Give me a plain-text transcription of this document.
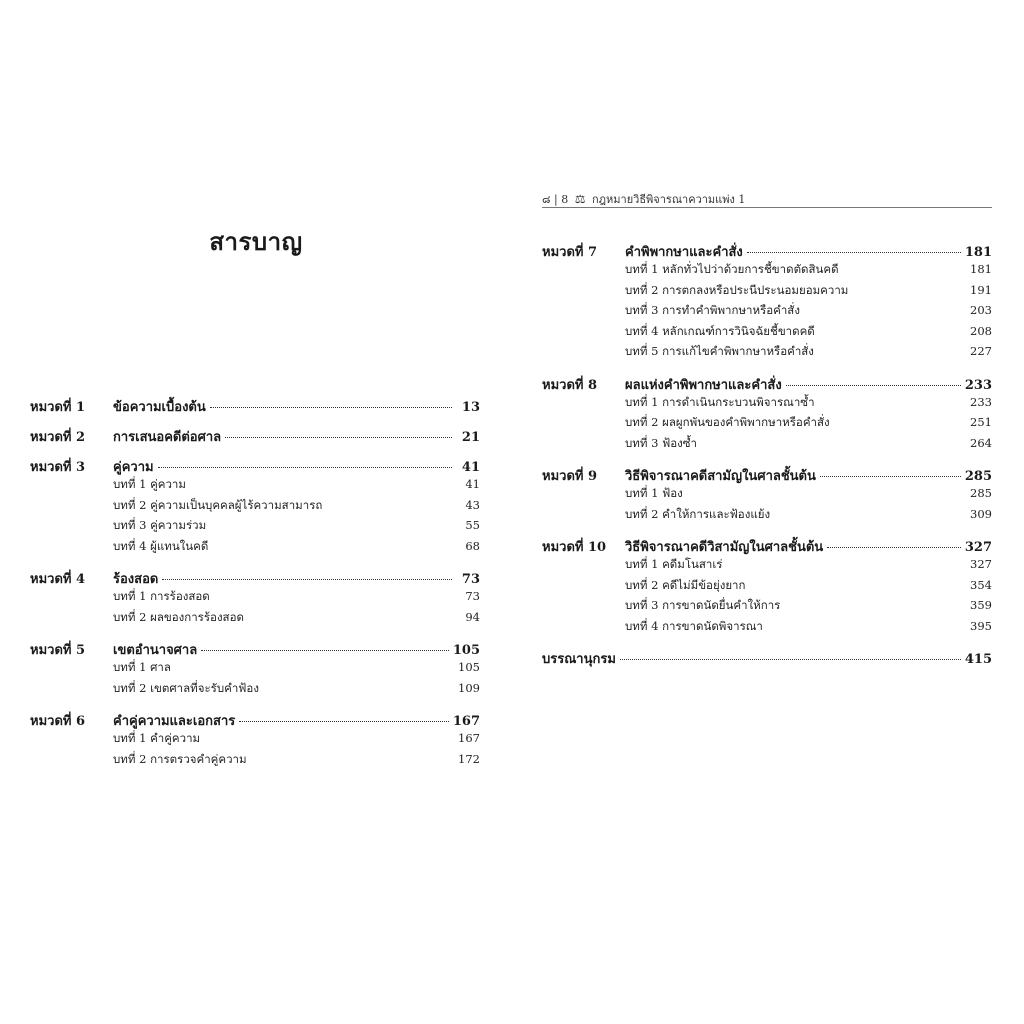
สารบาญ
หมวดที่ 1	ข้อความเบื้องต้น	13
หมวดที่ 2	การเสนอคดีต่อศาล	21
หมวดที่ 3	คู่ความ	41
บทที่ 1 คู่ความ	41
บทที่ 2 คู่ความเป็นบุคคลผู้ไร้ความสามารถ	43
บทที่ 3 คู่ความร่วม	55
บทที่ 4 ผู้แทนในคดี	68
หมวดที่ 4	ร้องสอด	73
บทที่ 1 การร้องสอด	73
บทที่ 2 ผลของการร้องสอด	94
หมวดที่ 5	เขตอำนาจศาล	105
บทที่ 1 ศาล	105
บทที่ 2 เขตศาลที่จะรับคำฟ้อง	109
หมวดที่ 6	คำคู่ความและเอกสาร	167
บทที่ 1 คำคู่ความ	167
บทที่ 2 การตรวจคำคู่ความ	172
๘ | 8 ⚖ กฎหมายวิธีพิจารณาความแพ่ง 1
หมวดที่ 7	คำพิพากษาและคำสั่ง	181
บทที่ 1 หลักทั่วไปว่าด้วยการชี้ขาดตัดสินคดี	181
บทที่ 2 การตกลงหรือประนีประนอมยอมความ	191
บทที่ 3 การทำคำพิพากษาหรือคำสั่ง	203
บทที่ 4 หลักเกณฑ์การวินิจฉัยชี้ขาดคดี	208
บทที่ 5 การแก้ไขคำพิพากษาหรือคำสั่ง	227
หมวดที่ 8	ผลแห่งคำพิพากษาและคำสั่ง	233
บทที่ 1 การดำเนินกระบวนพิจารณาซ้ำ	233
บทที่ 2 ผลผูกพันของคำพิพากษาหรือคำสั่ง	251
บทที่ 3 ฟ้องซ้ำ	264
หมวดที่ 9	วิธีพิจารณาคดีสามัญในศาลชั้นต้น	285
บทที่ 1 ฟ้อง	285
บทที่ 2 คำให้การและฟ้องแย้ง	309
หมวดที่ 10	วิธีพิจารณาคดีวิสามัญในศาลชั้นต้น	327
บทที่ 1 คดีมโนสาเร่	327
บทที่ 2 คดีไม่มีข้อยุ่งยาก	354
บทที่ 3 การขาดนัดยื่นคำให้การ	359
บทที่ 4 การขาดนัดพิจารณา	395
บรรณานุกรม	415
